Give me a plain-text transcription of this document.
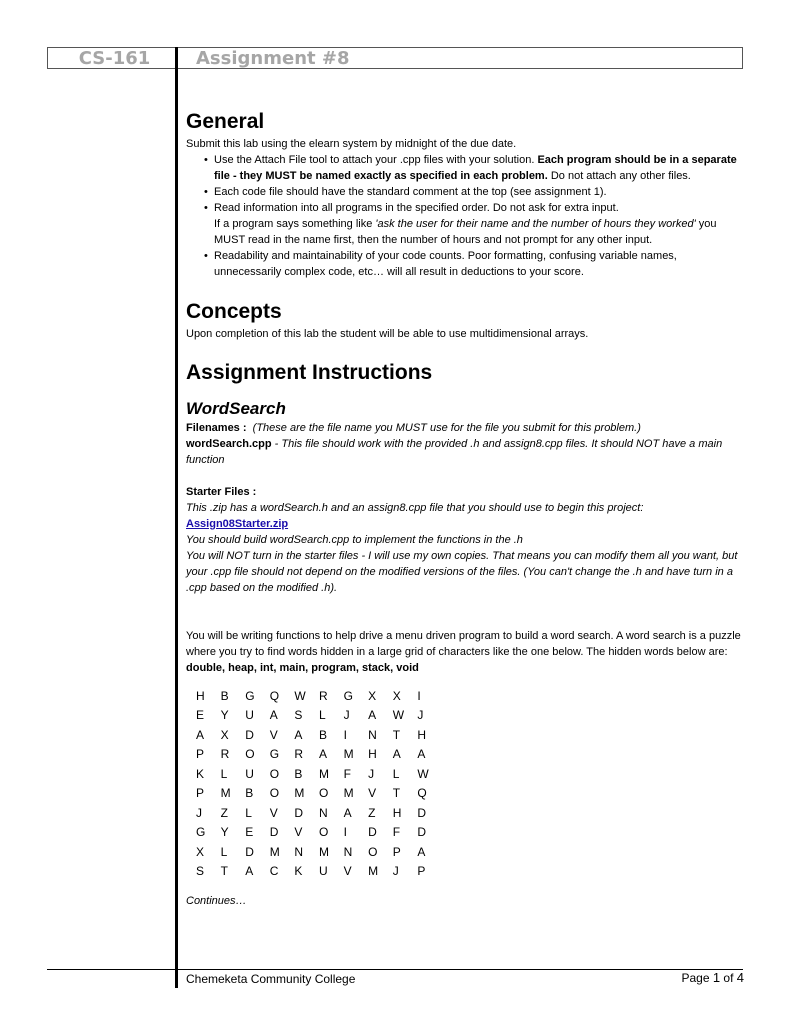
CS-161	Assignment #8
General

Submit this lab using the elearn system by midnight of the due date.

• Use the Attach File tool to attach your .cpp files with your solution. Each program should be in a separate file - they MUST be named exactly as specified in each problem. Do not attach any other files.
• Each code file should have the standard comment at the top (see assignment 1).
• Read information into all programs in the specified order. Do not ask for extra input.
If a program says something like 'ask the user for their name and the number of hours they worked' you MUST read in the name first, then the number of hours and not prompt for any other input.
• Readability and maintainability of your code counts. Poor formatting, confusing variable names, unnecessarily complex code, etc… will all result in deductions to your score.
Concepts

Upon completion of this lab the student will be able to use multidimensional arrays.

Assignment Instructions
WordSearch

Filenames : (These are the file name you MUST use for the file you submit for this problem.)

wordSearch.cpp - This file should work with the provided .h and assign8.cpp files. It should NOT have a main function

Starter Files :

This .zip has a wordSearch.h and an assign8.cpp file that you should use to begin this project:

Assign08Starter.zip

You should build wordSearch.cpp to implement the functions in the .h

You will NOT turn in the starter files - I will use my own copies. That means you can modify them all you want, but your .cpp file should not depend on the modified versions of the files. (You can't change the .h and have turn in a .cpp based on the modified .h).

You will be writing functions to help drive a menu driven program to build a word search. A word search is a puzzle where you try to find words hidden in a large grid of characters like the one below. The hidden words below are: double, heap, int, main, program, stack, void

H	B	G	Q	W	R	G	X	X	I
E	Y	U	A	S	L	J	A	W	J
A	X	D	V	A	B	I	N	T	H
P	R	O	G	R	A	M	H	A	A
K	L	U	O	B	M	F	J	L	W
P	M	B	O	M	O	M	V	T	Q
J	Z	L	V	D	N	A	Z	H	D
G	Y	E	D	V	O	I	D	F	D
X	L	D	M	N	M	N	O	P	A
S	T	A	C	K	U	V	M	J	P

Continues…

Chemeketa Community College	Page 1 of 4
